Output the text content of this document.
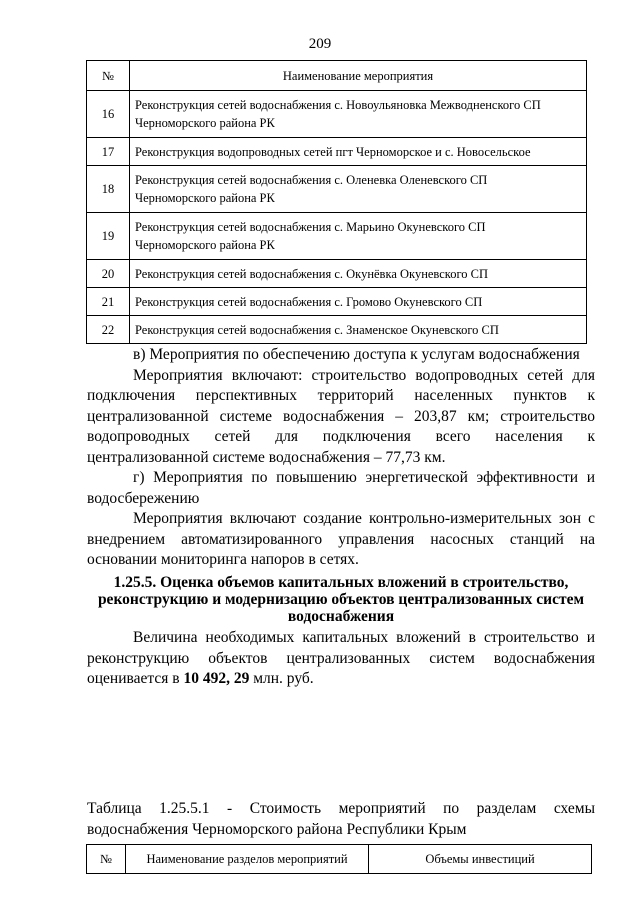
209
№	Наименование мероприятия
16	Реконструкция сетей водоснабжения с. Новоульяновка Межводненского СП
Черноморского района РК
17	Реконструкция водопроводных сетей пгт Черноморское и с. Новосельское
18	Реконструкция сетей водоснабжения с. Оленевка Оленевского СП
Черноморского района РК
19	Реконструкция сетей водоснабжения с. Марьино Окуневского СП
Черноморского района РК
20	Реконструкция сетей водоснабжения с. Окунёвка Окуневского СП
21	Реконструкция сетей водоснабжения с. Громово Окуневского СП
22	Реконструкция сетей водоснабжения с. Знаменское Окуневского СП

в) Мероприятия по обеспечению доступа к услугам водоснабжения

Мероприятия включают: строительство водопроводных сетей для подключения перспективных территорий населенных пунктов к централизованной системе водоснабжения – 203,87 км; строительство водопроводных сетей для подключения всего населения к централизованной системе водоснабжения – 77,73 км.

г) Мероприятия по повышению энергетической эффективности и водосбережению

Мероприятия включают создание контрольно-измерительных зон с внедрением автоматизированного управления насосных станций на основании мониторинга напоров в сетях.

1.25.5. Оценка объемов капитальных вложений в строительство,
реконструкцию и модернизацию объектов централизованных систем
водоснабжения

Величина необходимых капитальных вложений в строительство и реконструкцию объектов централизованных систем водоснабжения оценивается в 10 492, 29 млн. руб.

Таблица 1.25.5.1 - Стоимость мероприятий по разделам схемы водоснабжения Черноморского района Республики Крым
№	Наименование разделов мероприятий	Объемы инвестиций
